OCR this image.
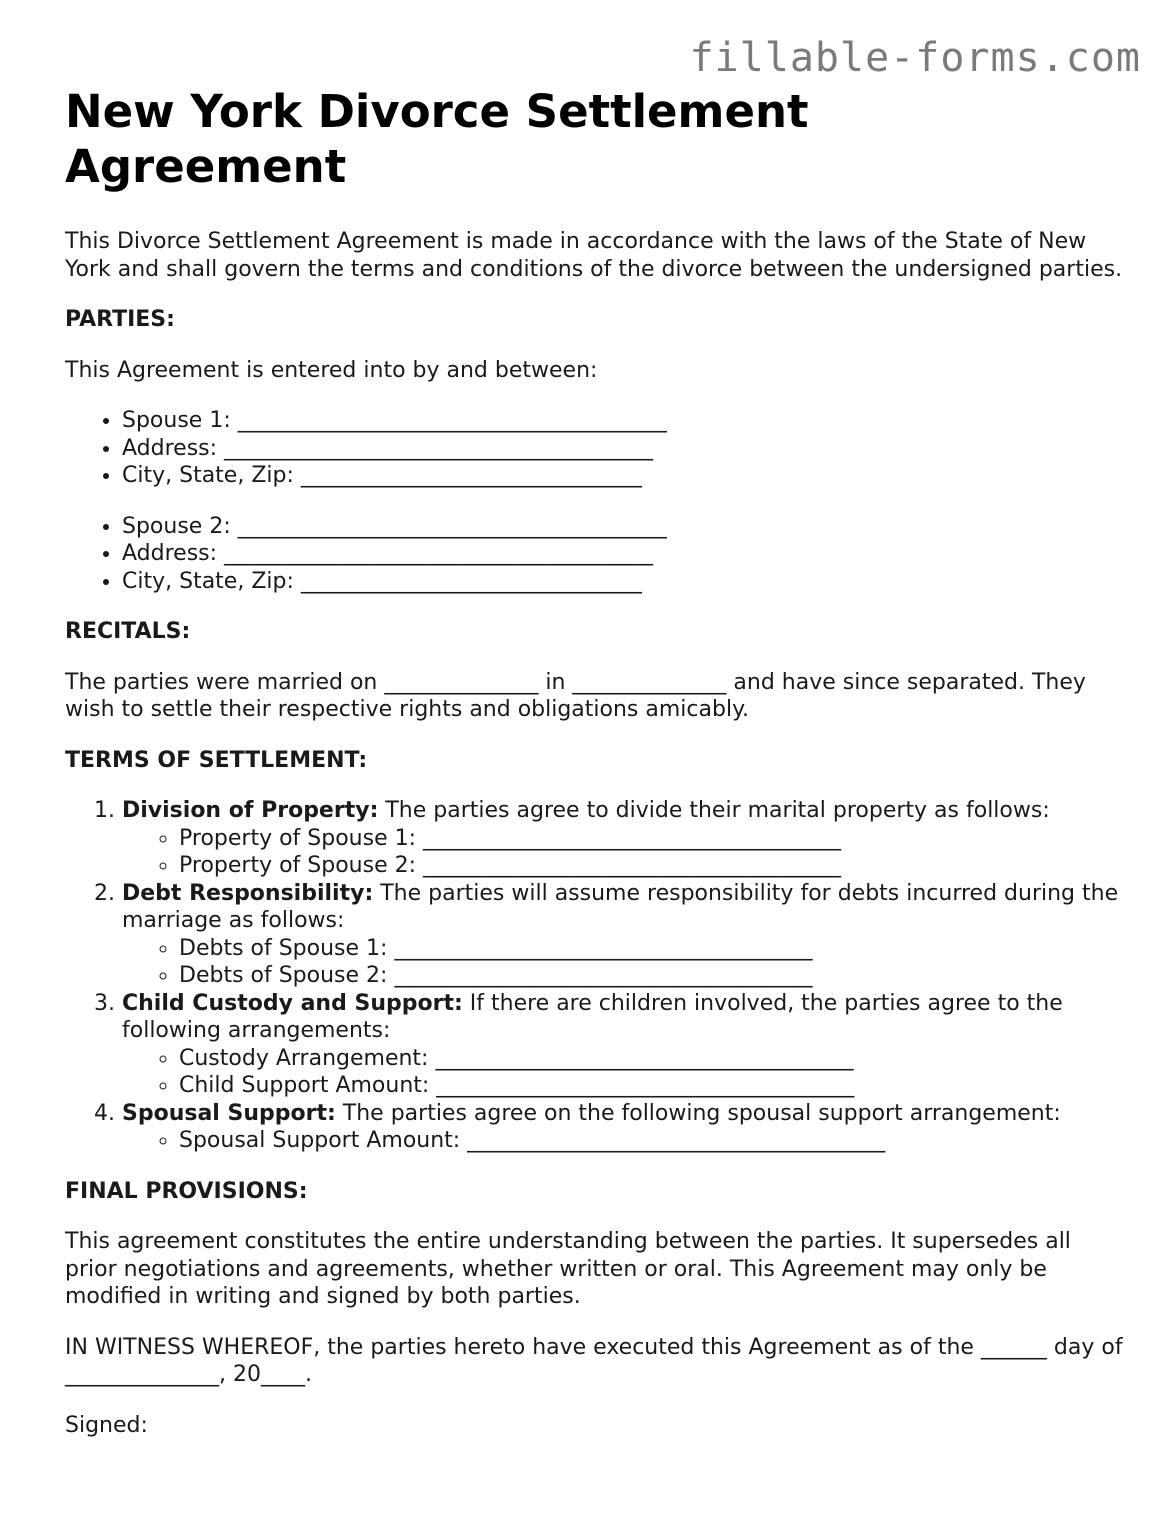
fillable-forms.com
New York Divorce Settlement Agreement

This Divorce Settlement Agreement is made in accordance with the laws of the State of New York and shall govern the terms and conditions of the divorce between the undersigned parties.

PARTIES:

This Agreement is entered into by and between:

• Spouse 1: _______________________________________
• Address: _______________________________________
• City, State, Zip: _______________________________
• Spouse 2: _______________________________________
• Address: _______________________________________
• City, State, Zip: _______________________________

RECITALS:

The parties were married on ______________ in ______________ and have since separated. They wish to settle their respective rights and obligations amicably.

TERMS OF SETTLEMENT:

1. Division of Property: The parties agree to divide their marital property as follows:
◦ Property of Spouse 1: ______________________________________
◦ Property of Spouse 2: ______________________________________
2. Debt Responsibility: The parties will assume responsibility for debts incurred during the marriage as follows:
◦ Debts of Spouse 1: ______________________________________
◦ Debts of Spouse 2: ______________________________________
3. Child Custody and Support: If there are children involved, the parties agree to the following arrangements:
◦ Custody Arrangement: ______________________________________
◦ Child Support Amount: ______________________________________
4. Spousal Support: The parties agree on the following spousal support arrangement:
◦ Spousal Support Amount: ______________________________________

FINAL PROVISIONS:

This agreement constitutes the entire understanding between the parties. It supersedes all prior negotiations and agreements, whether written or oral. This Agreement may only be modified in writing and signed by both parties.

IN WITNESS WHEREOF, the parties hereto have executed this Agreement as of the ______ day of ______________, 20____.

Signed:
